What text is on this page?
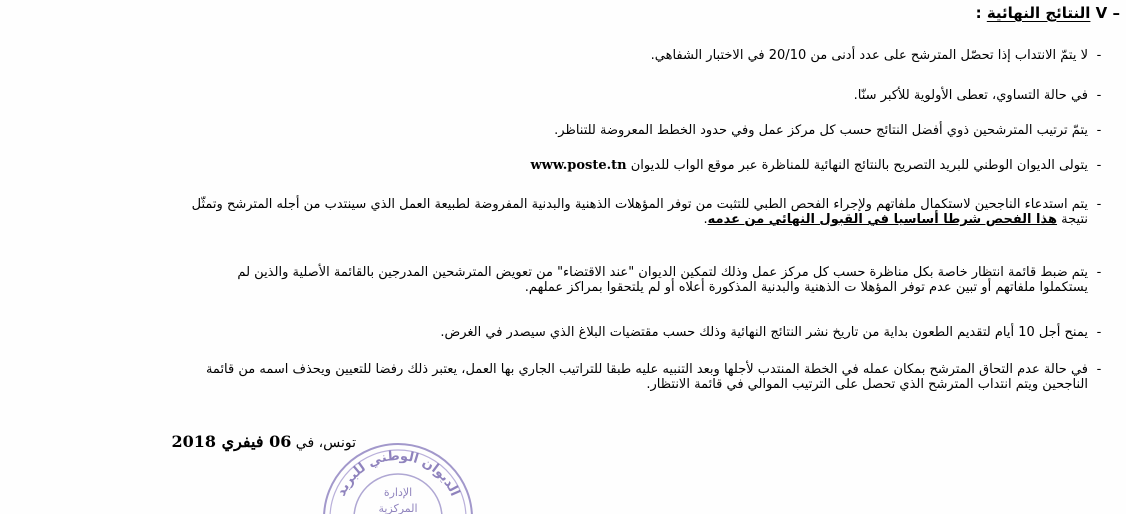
V – النتائج النهائية :
-لا يتمّ الانتداب إذا تحصّل المترشح على عدد أدنى من 20/10 في الاختبار الشفاهي.
-في حالة التساوي، تعطى الأولوية للأكبر سنّا.
-يتمّ ترتيب المترشحين ذوي أفضل النتائج حسب كل مركز عمل وفي حدود الخطط المعروضة للتناظر.
-يتولى الديوان الوطني للبريد التصريح بالنتائج النهائية للمناظرة عبر موقع الواب للديوان www.poste.tn
-يتم استدعاء الناجحين لاستكمال ملفاتهم ولإجراء الفحص الطبي للتثبت من توفر المؤهلات الذهنية والبدنية المفروضة لطبيعة العمل الذي سينتدب من أجله المترشح وتمثّل
نتيجة هذا الفحص شرطا أساسيا في القبول النهائي من عدمه.
-يتم ضبط قائمة انتظار خاصة بكل مناظرة حسب كل مركز عمل وذلك لتمكين الديوان "عند الاقتضاء" من تعويض المترشحين المدرجين بالقائمة الأصلية والذين لم
يستكملوا ملفاتهم أو تبين عدم توفر المؤهلا ت الذهنية والبدنية المذكورة أعلاه أو لم يلتحقوا بمراكز عملهم.
-يمنح أجل 10 أيام لتقديم الطعون بداية من تاريخ نشر النتائج النهائية وذلك حسب مقتضيات البلاغ الذي سيصدر في الغرض.
-في حالة عدم التحاق المترشح بمكان عمله في الخطة المنتدب لأجلها وبعد التنبيه عليه طبقا للتراتيب الجاري بها العمل، يعتبر ذلك رفضا للتعيين ويحذف اسمه من قائمة
الناجحين ويتم انتداب المترشح الذي تحصل على الترتيب الموالي في قائمة الانتظار.
تونس، في 06 فيفري 2018
الديوان الوطني للبريد
الإدارة
المركزية
